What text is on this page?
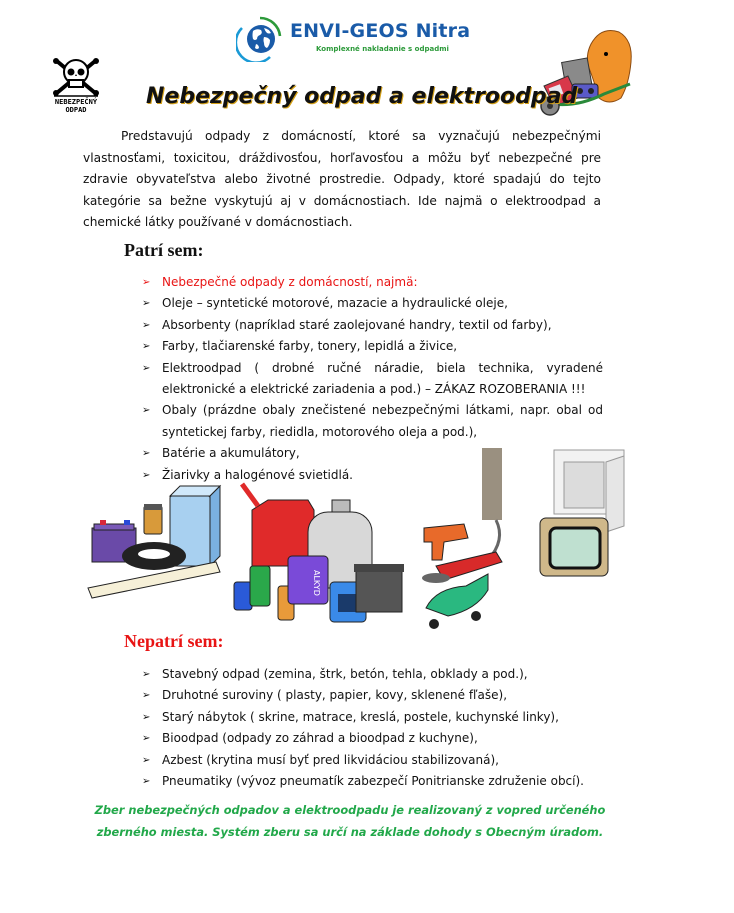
ENVI-GEOS Nitra
Komplexné nakladanie s odpadmi
NEBEZPEČNÝ
ODPAD
Nebezpečný odpad a elektroodpad
Predstavujú odpady z domácností, ktoré sa vyznačujú nebezpečnými vlastnosťami, toxicitou, dráždivosťou, horľavosťou a môžu byť nebezpečné pre zdravie obyvateľstva alebo životné prostredie. Odpady, ktoré spadajú do tejto kategórie sa bežne vyskytujú aj v domácnostiach. Ide najmä o elektroodpad a chemické látky používané v domácnostiach.
Patrí sem:
➢ Nebezpečné odpady z domácností, najmä:
➢ Oleje – syntetické motorové, mazacie a hydraulické oleje,
➢ Absorbenty (napríklad staré zaolejované handry, textil od farby),
➢ Farby, tlačiarenské farby, tonery, lepidlá a živice,
➢ Elektroodpad ( drobné ručné náradie, biela technika, vyradené elektronické a elektrické zariadenia a pod.) – ZÁKAZ ROZOBERANIA !!!
➢ Obaly (prázdne obaly znečistené nebezpečnými látkami, napr. obal od syntetickej farby, riedidla, motorového oleja a pod.),
➢ Batérie a akumulátory,
➢ Žiarivky a halogénové svietidlá.
ALKYD
Nepatrí sem:
➢ Stavebný odpad (zemina, štrk, betón, tehla, obklady a pod.),
➢ Druhotné suroviny ( plasty, papier, kovy, sklenené fľaše),
➢ Starý nábytok ( skrine, matrace, kreslá, postele, kuchynské linky),
➢ Bioodpad (odpady zo záhrad a bioodpad z kuchyne),
➢ Azbest (krytina musí byť pred likvidáciou stabilizovaná),
➢ Pneumatiky (vývoz pneumatík zabezpečí Ponitrianske združenie obcí).
Zber nebezpečných odpadov a elektroodpadu je realizovaný z vopred určeného
zberného miesta. Systém zberu sa určí na základe dohody s Obecným úradom.
